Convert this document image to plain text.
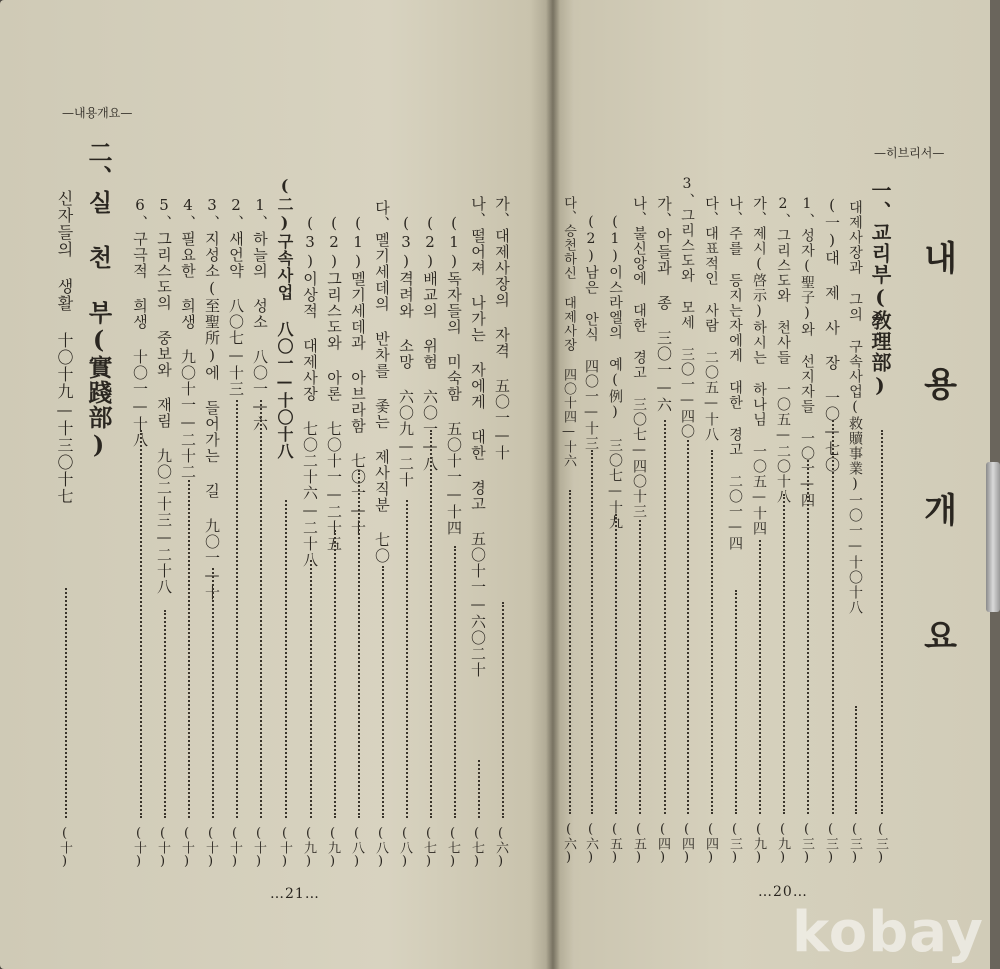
—내용개요—
가、대제사장의 자격 五〇一—十
(六)
나、떨어져 나가는 자에게 대한 경고 五〇十一—六〇二十
(七)
(1)독자들의 미숙함 五〇十一—十四
(七)
(2)배교의 위험 六〇一—八
(七)
(3)격려와 소망 六〇九—二十
(八)
다、멜기세데의 반차를 좇는 제사직분 七〇
(八)
(1)멜기세데과 아브라함 七〇一—十
(八)
(2)그리스도와 아론 七〇十一—二十五
(九)
(3)이상적 대제사장 七〇二十六—二十八
(九)
(二)구속사업 八〇一—十〇十八
(十)
1、하늘의 성소 八〇一—六
(十)
2、새언약 八〇七—十三
(十)
3、지성소(至聖所)에 들어가는 길 九〇一—十
(十)
4、필요한 희생 九〇十一—二十二
(十)
5、그리스도의 중보와 재림 九〇二十三—二十八
(十)
6、구극적 희생 十〇一—十八
(十)
二、실 천 부(實踐部)
신자들의 생활 十〇十九—十三〇十七
(十)
…21…
—히브리서—
내 용 개 요
一、교리부(敎理部)
(三)
대제사장과 그의 구속사업(救贖事業)一〇一—十〇十八
(三)
(一)대 제 사 장 一〇—七〇
(三)
1、성자(聖子)와 선지자들 一〇一—四
(三)
2、그리스도와 천사들 一〇五—二〇十八
(九)
가、제시(啓示)하시는 하나님 一〇五—十四
(九)
나、주를 등지는자에게 대한 경고 二〇一—四
(三)
다、대표적인 사람 二〇五—十八
(四)
3、그리스도와 모세 三〇一—四〇
(四)
가、아들과 종 三〇一—六
(四)
나、불신앙에 대한 경고 三〇七—四〇十三
(五)
(1)이스라엘의 예(例) 三〇七—十九
(五)
(2)남은 안식 四〇一—十三
(六)
다、승천하신 대제사장 四〇十四—十六
(六)
…20…
kobay
